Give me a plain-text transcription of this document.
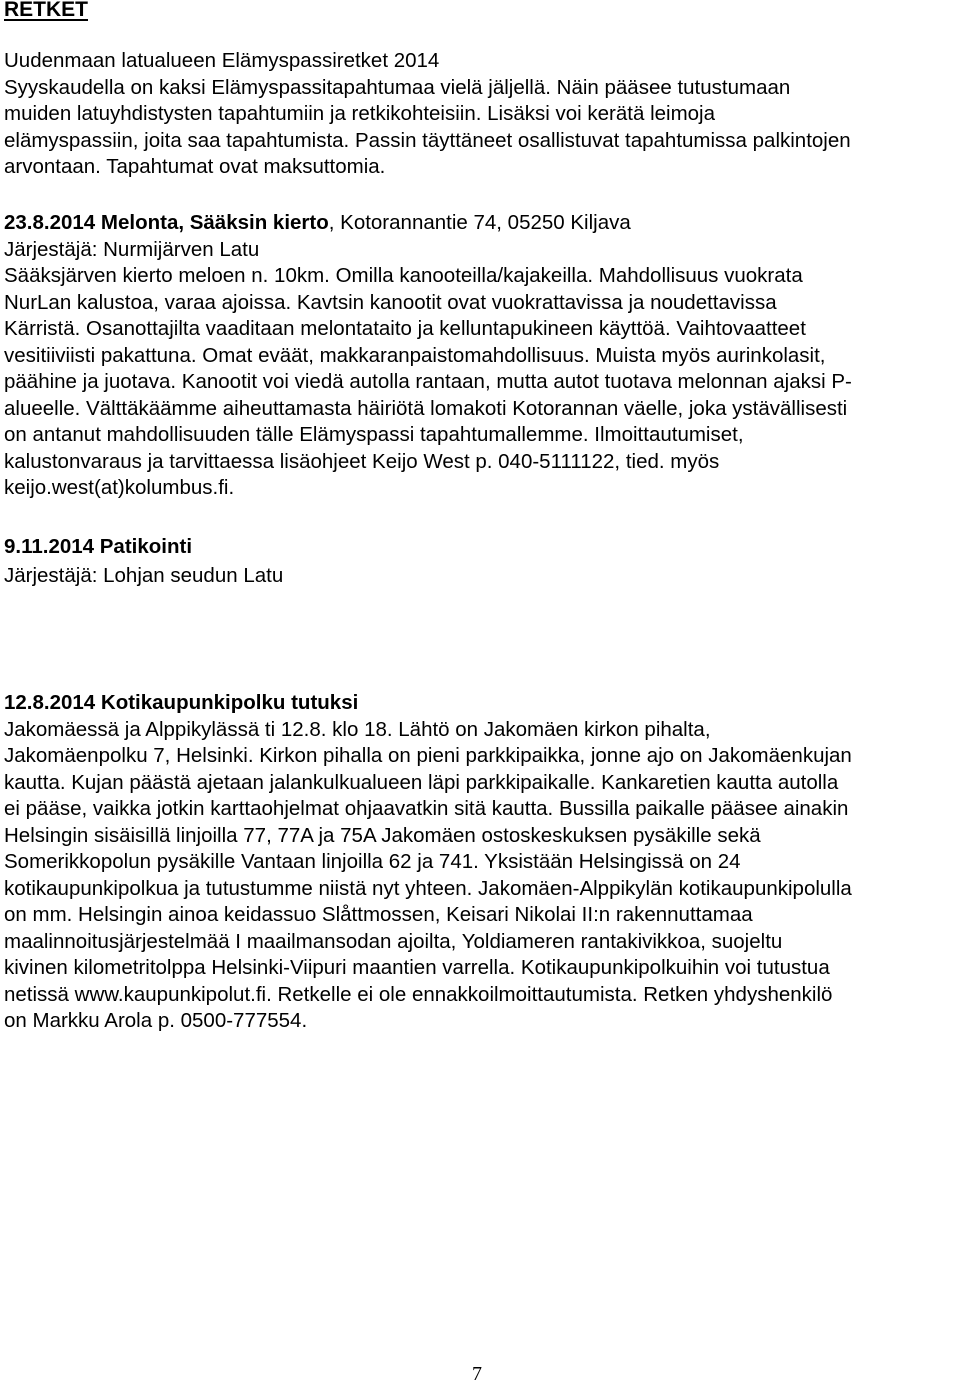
RETKET
Uudenmaan latualueen Elämyspassiretket 2014
Syyskaudella on kaksi Elämyspassitapahtumaa vielä jäljellä. Näin pääsee tutustumaan
muiden latuyhdistysten tapahtumiin ja retkikohteisiin. Lisäksi voi kerätä leimoja
elämyspassiin, joita saa tapahtumista. Passin täyttäneet osallistuvat tapahtumissa palkintojen
arvontaan. Tapahtumat ovat maksuttomia.
23.8.2014 Melonta, Sääksin kierto, Kotorannantie 74, 05250 Kiljava
Järjestäjä: Nurmijärven Latu
Sääksjärven kierto meloen n. 10km. Omilla kanooteilla/kajakeilla. Mahdollisuus vuokrata
NurLan kalustoa, varaa ajoissa. Kavtsin kanootit ovat vuokrattavissa ja noudettavissa
Kärristä. Osanottajilta vaaditaan melontataito ja kelluntapukineen käyttöä. Vaihtovaatteet
vesitiiviisti pakattuna. Omat eväät, makkaranpaistomahdollisuus. Muista myös aurinkolasit,
päähine ja juotava. Kanootit voi viedä autolla rantaan, mutta autot tuotava melonnan ajaksi P-
alueelle. Välttäkäämme aiheuttamasta häiriötä lomakoti Kotorannan väelle, joka ystävällisesti
on antanut mahdollisuuden tälle Elämyspassi tapahtumallemme. Ilmoittautumiset,
kalustonvaraus ja tarvittaessa lisäohjeet Keijo West p. 040-5111122, tied. myös
keijo.west(at)kolumbus.fi.
9.11.2014 Patikointi
Järjestäjä: Lohjan seudun Latu
12.8.2014 Kotikaupunkipolku tutuksi
Jakomäessä ja Alppikylässä ti 12.8. klo 18. Lähtö on Jakomäen kirkon pihalta,
Jakomäenpolku 7, Helsinki. Kirkon pihalla on pieni parkkipaikka, jonne ajo on Jakomäenkujan
kautta. Kujan päästä ajetaan jalankulkualueen läpi parkkipaikalle. Kankaretien kautta autolla
ei pääse, vaikka jotkin karttaohjelmat ohjaavatkin sitä kautta. Bussilla paikalle pääsee ainakin
Helsingin sisäisillä linjoilla 77, 77A ja 75A Jakomäen ostoskeskuksen pysäkille sekä
Somerikkopolun pysäkille Vantaan linjoilla 62 ja 741. Yksistään Helsingissä on 24
kotikaupunkipolkua ja tutustumme niistä nyt yhteen. Jakomäen-Alppikylän kotikaupunkipolulla
on mm. Helsingin ainoa keidassuo Slåttmossen, Keisari Nikolai II:n rakennuttamaa
maalinnoitusjärjestelmää I maailmansodan ajoilta, Yoldiameren rantakivikkoa, suojeltu
kivinen kilometritolppa Helsinki-Viipuri maantien varrella. Kotikaupunkipolkuihin voi tutustua
netissä www.kaupunkipolut.fi. Retkelle ei ole ennakkoilmoittautumista. Retken yhdyshenkilö
on Markku Arola p. 0500-777554.

7
